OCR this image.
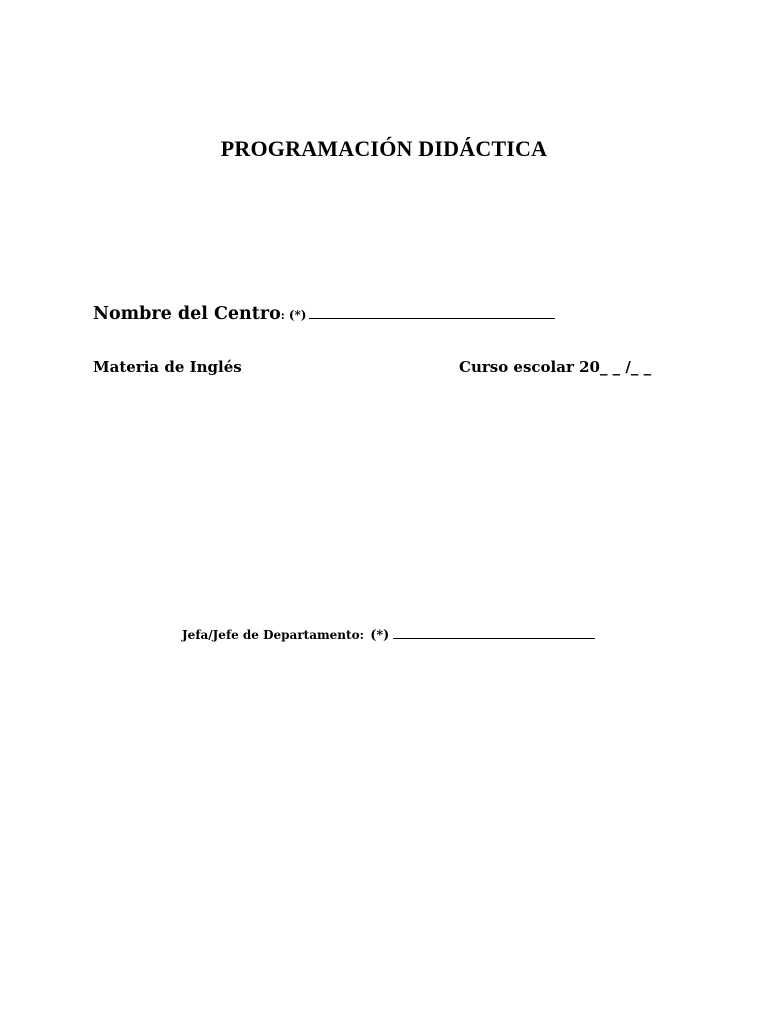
PROGRAMACIÓN DIDÁCTICA
Nombre del Centro: (*)
Materia de Inglés	Curso escolar 20_ _ /_ _
Jefa/Jefe de Departamento: (*)
